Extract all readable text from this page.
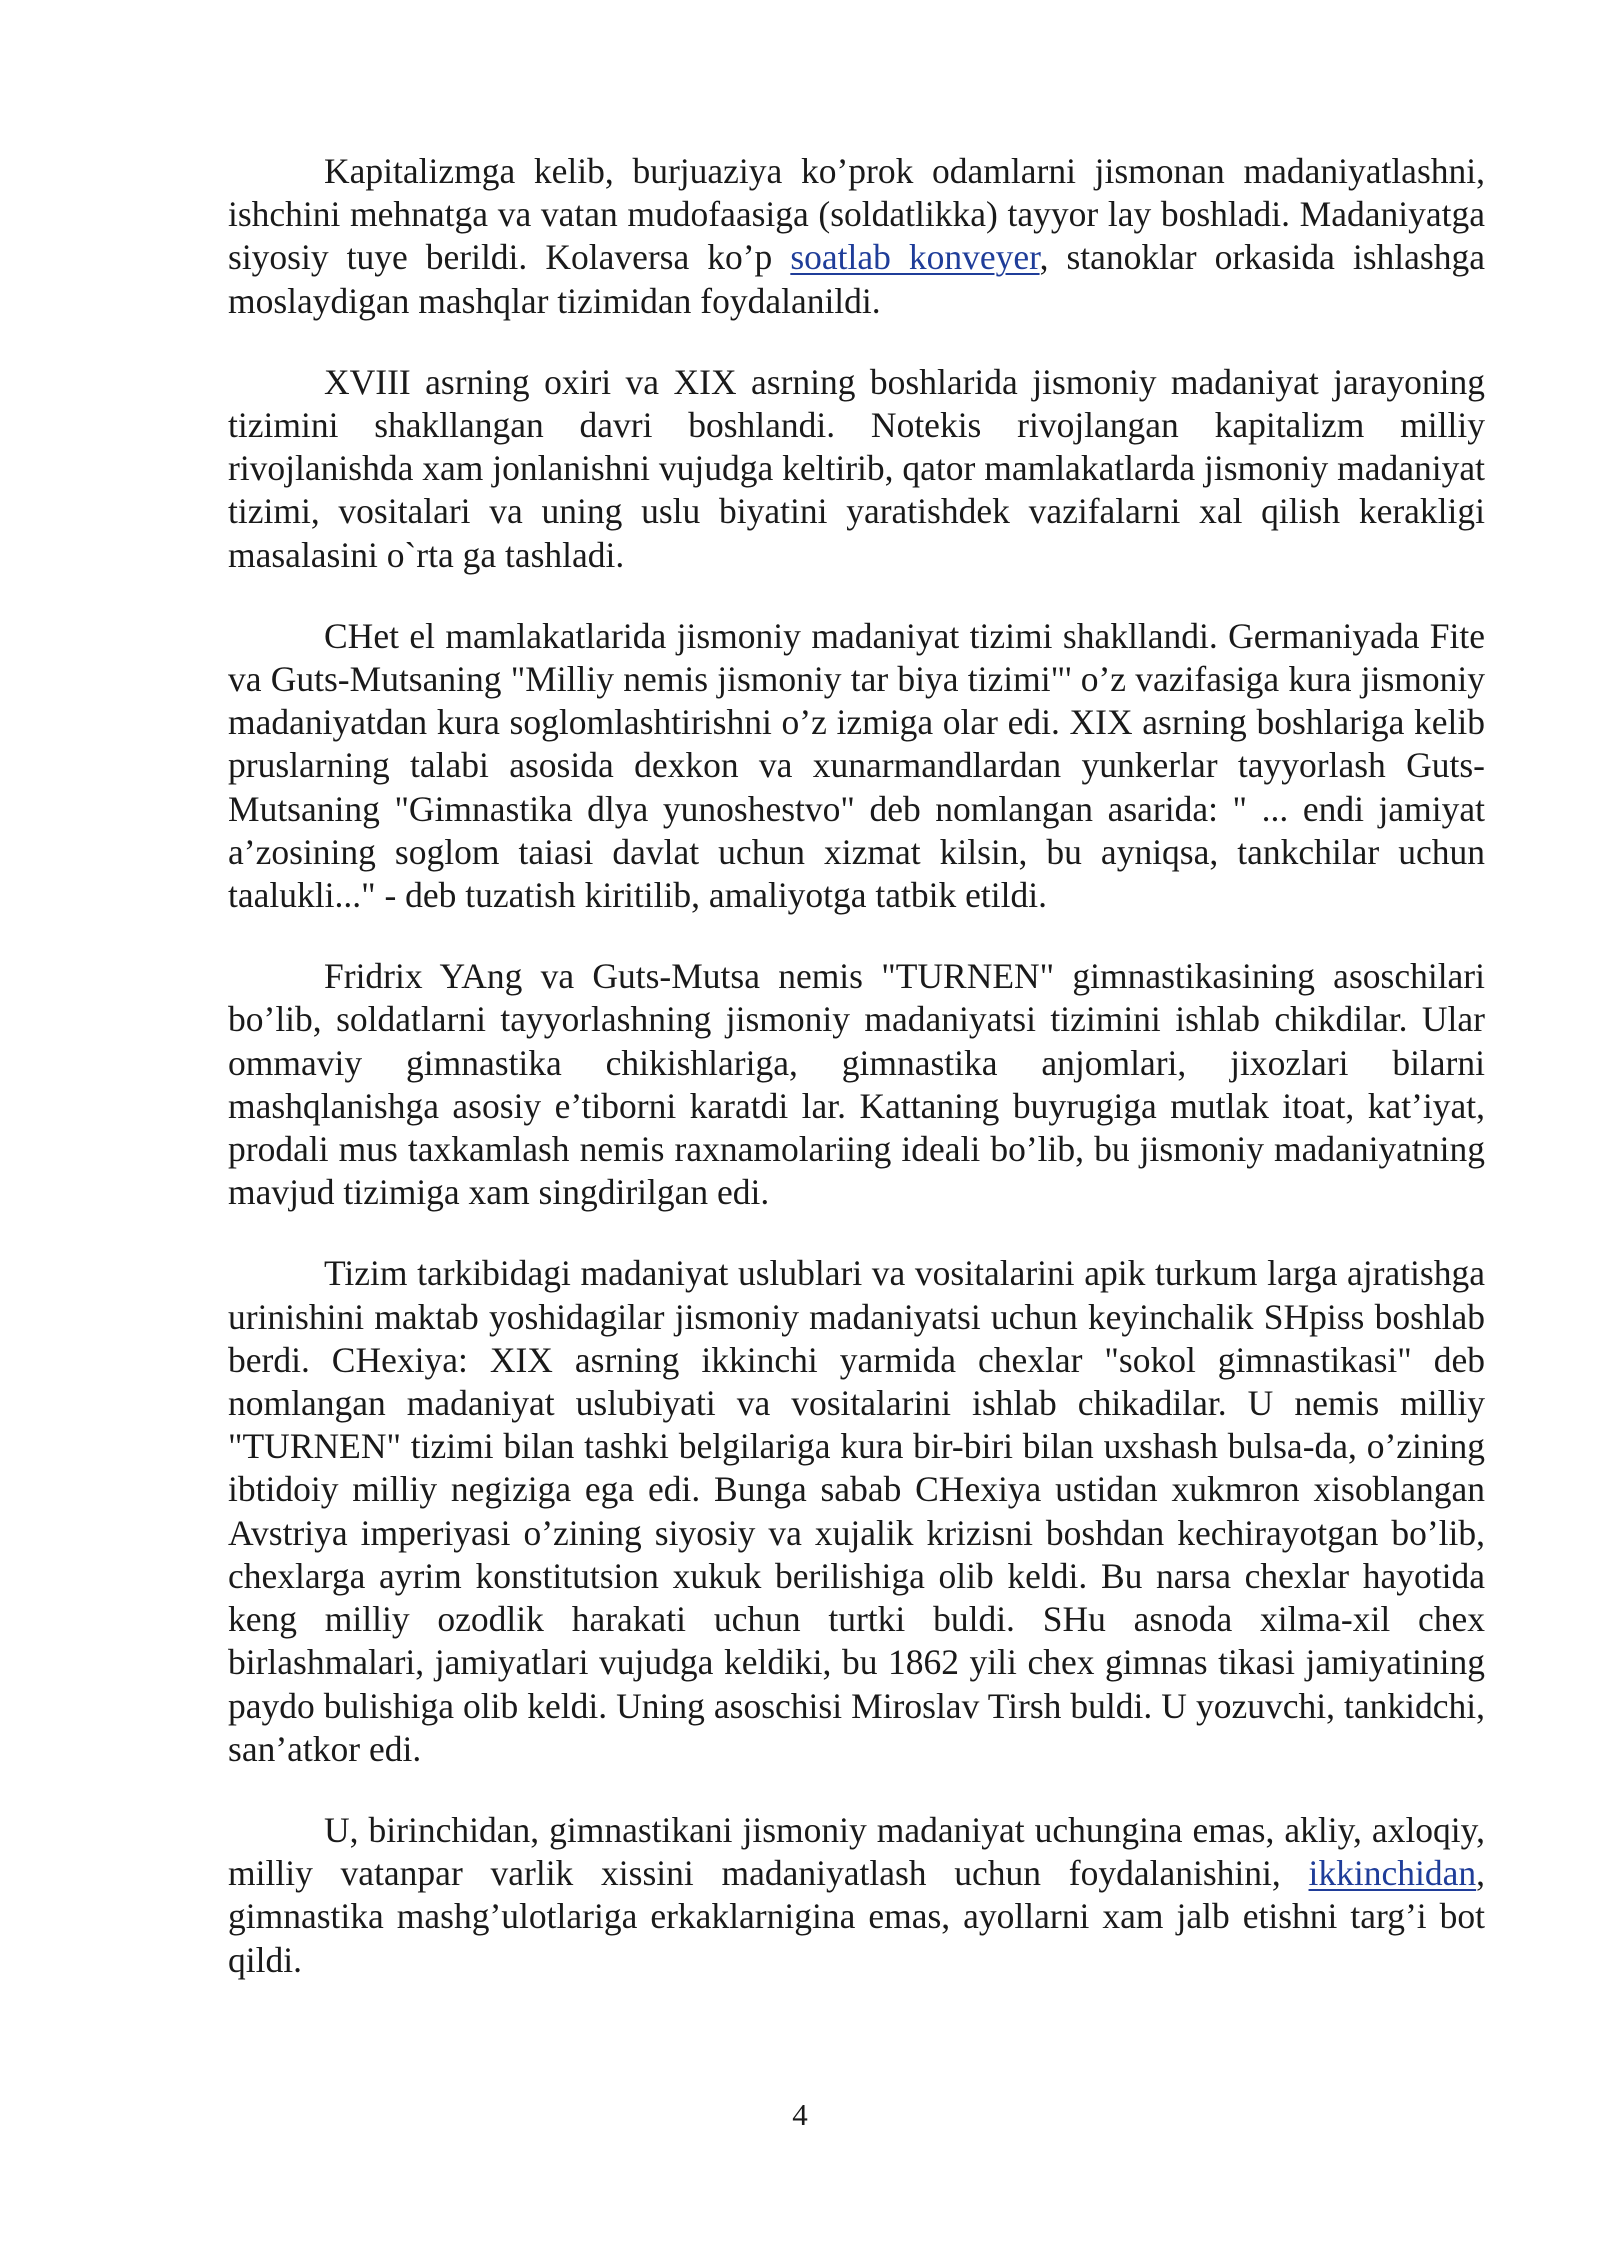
Kapitalizmga kelib, burjuaziya ko’prok odamlarni jismonan madaniyatlashni, ishchini mehnatga va vatan mudofaasiga (soldatlikka) tayyor lay boshladi. Madaniyatga siyosiy tuye berildi. Kolaversa ko’p soatlab konveyer, stanoklar orkasida ishlashga moslaydigan mashqlar tizimidan foydalanildi.

XVIII asrning oxiri va XIX asrning boshlarida jismoniy madaniyat jarayoning tizimini shakllangan davri boshlandi. Notekis rivojlangan kapitalizm milliy rivojlanishda xam jonlanishni vujudga keltirib, qator mamlakatlarda jismoniy madaniyat tizimi, vositalari va uning uslu biyatini yaratishdek vazifalarni xal qilish kerakligi masalasini o`rta ga tashladi.

CHet el mamlakatlarida jismoniy madaniyat tizimi shakllandi. Germaniyada Fite va Guts-Mutsaning "Milliy nemis jismoniy tar biya tizimi"' o’z vazifasiga kura jismoniy madaniyatdan kura soglomlashtirishni o’z izmiga olar edi. XIX asrning boshlariga kelib pruslarning talabi asosida dexkon va xunarmandlardan yunkerlar tayyorlash Guts-Mutsaning "Gimnastika dlya yunoshestvo" deb nomlangan asarida: " ... endi jamiyat a’zosining soglom taiasi davlat uchun xizmat kilsin, bu ayniqsa, tankchilar uchun taalukli..." - deb tuzatish kiritilib, amaliyotga tatbik etildi.

Fridrix YAng va Guts-Mutsa nemis "TURNEN" gimnastikasining asoschilari bo’lib, soldatlarni tayyorlashning jismoniy madaniyatsi tizimini ishlab chikdilar. Ular ommaviy gimnastika chikishlariga, gimnastika anjomlari, jixozlari bilarni mashqlanishga asosiy e’tiborni karatdi lar. Kattaning buyrugiga mutlak itoat, kat’iyat, prodali mus taxkamlash nemis raxnamolariing ideali bo’lib, bu jismoniy madaniyatning mavjud tizimiga xam singdirilgan edi.

Tizim tarkibidagi madaniyat uslublari va vositalarini apik turkum larga ajratishga urinishini maktab yoshidagilar jismoniy madaniyatsi uchun keyinchalik SHpiss boshlab berdi. CHexiya: XIX asrning ikkinchi yarmida chexlar "sokol gimnastikasi" deb nomlangan madaniyat uslubiyati va vositalarini ishlab chikadilar. U nemis milliy "TURNEN" tizimi bilan tashki belgilariga kura bir-biri bilan uxshash bulsa-da, o’zining ibtidoiy milliy negiziga ega edi. Bunga sabab CHexiya ustidan xukmron xisoblangan Avstriya imperiyasi o’zining siyosiy va xujalik krizisni boshdan kechirayotgan bo’lib, chexlarga ayrim konstitutsion xukuk berilishiga olib keldi. Bu narsa chexlar hayotida keng milliy ozodlik harakati uchun turtki buldi. SHu asnoda xilma-xil chex birlashmalari, jamiyatlari vujudga keldiki, bu 1862 yili chex gimnas tikasi jamiyatining paydo bulishiga olib keldi. Uning asoschisi Miroslav Tirsh buldi. U yozuvchi, tankidchi, san’atkor edi.

U, birinchidan, gimnastikani jismoniy madaniyat uchungina emas, akliy, axloqiy, milliy vatanpar varlik xissini madaniyatlash uchun foydalanishini, ikkinchidan, gimnastika mashg’ulotlariga erkaklarnigina emas, ayollarni xam jalb etishni targ’i bot qildi.

4
